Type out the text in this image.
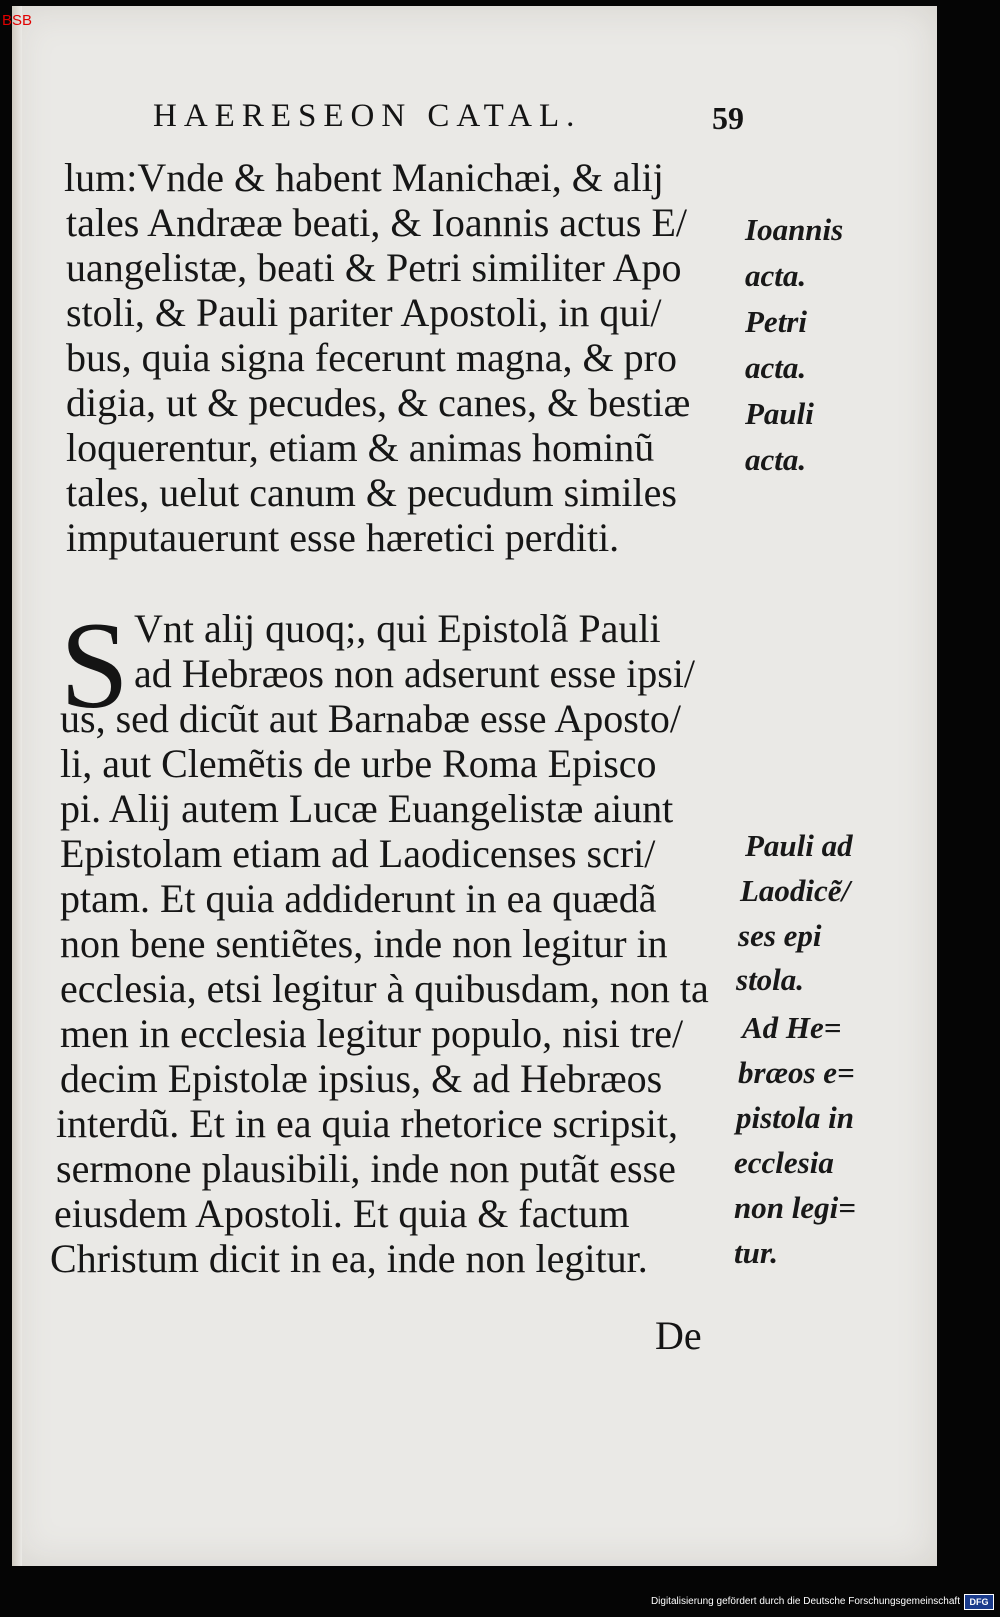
BSB
HAERESEON CATAL.	59
lum:Vnde & habent Manichæi, & alij
tales Andrææ beati, & Ioannis actus E/
uangelistæ, beati & Petri similiter Apo
stoli, & Pauli pariter Apostoli, in qui/
bus, quia signa fecerunt magna, & pro
digia, ut & pecudes, & canes, & bestiæ
loquerentur, etiam & animas hominũ
tales, uelut canum & pecudum similes
imputauerunt esse hæretici perditi.
S Vnt alij quoq;, qui Epistolã Pauli
ad Hebræos non adserunt esse ipsi/
us, sed dicũt aut Barnabæ esse Aposto/
li, aut Clemẽtis de urbe Roma Episco
pi. Alij autem Lucæ Euangelistæ aiunt
Epistolam etiam ad Laodicenses scri/
ptam. Et quia addiderunt in ea quædã
non bene sentiẽtes, inde non legitur in
ecclesia, etsi legitur à quibusdam, non ta
men in ecclesia legitur populo, nisi tre/
decim Epistolæ ipsius, & ad Hebræos
interdũ. Et in ea quia rhetorice scripsit,
sermone plausibili, inde non putãt esse
eiusdem Apostoli. Et quia & factum
Christum dicit in ea, inde non legitur.
De
Ioannis
acta.
Petri
acta.
Pauli
acta.
Pauli ad
Laodicẽ/
ses epi
stola.
Ad He=
bræos e=
pistola in
ecclesia
non legi=
tur.
Digitalisierung gefördert durch die Deutsche Forschungsgemeinschaft	DFG
